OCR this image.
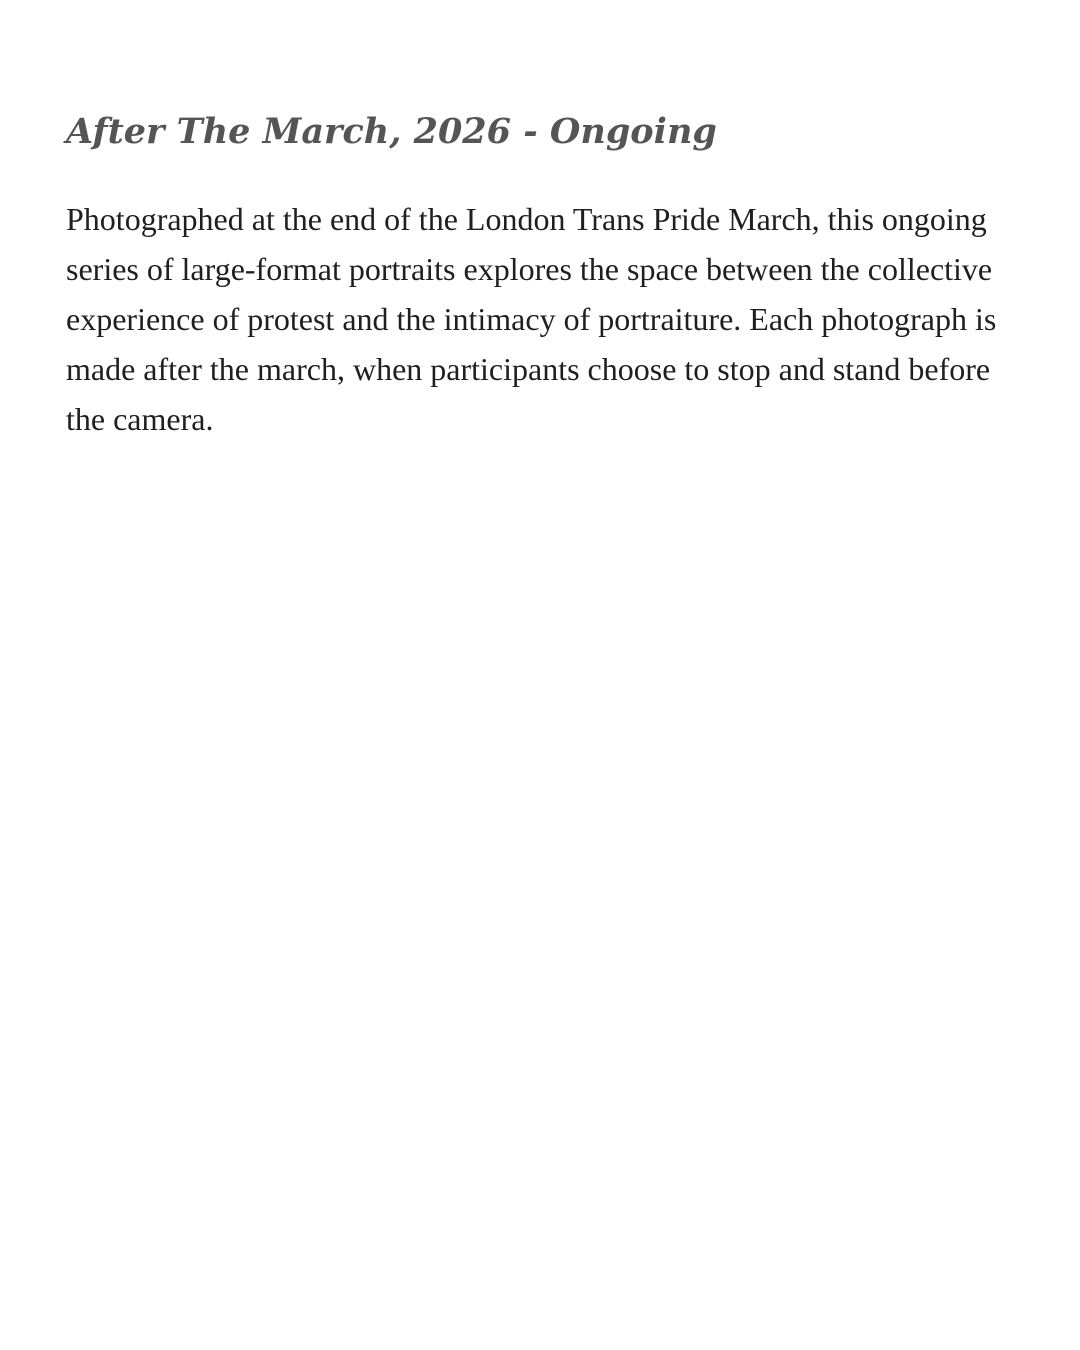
After The March, 2026 - Ongoing

Photographed at the end of the London Trans Pride March, this ongoing series of large-format portraits explores the space between the collective experience of protest and the intimacy of portraiture. Each photograph is made after the march, when participants choose to stop and stand before the camera.
